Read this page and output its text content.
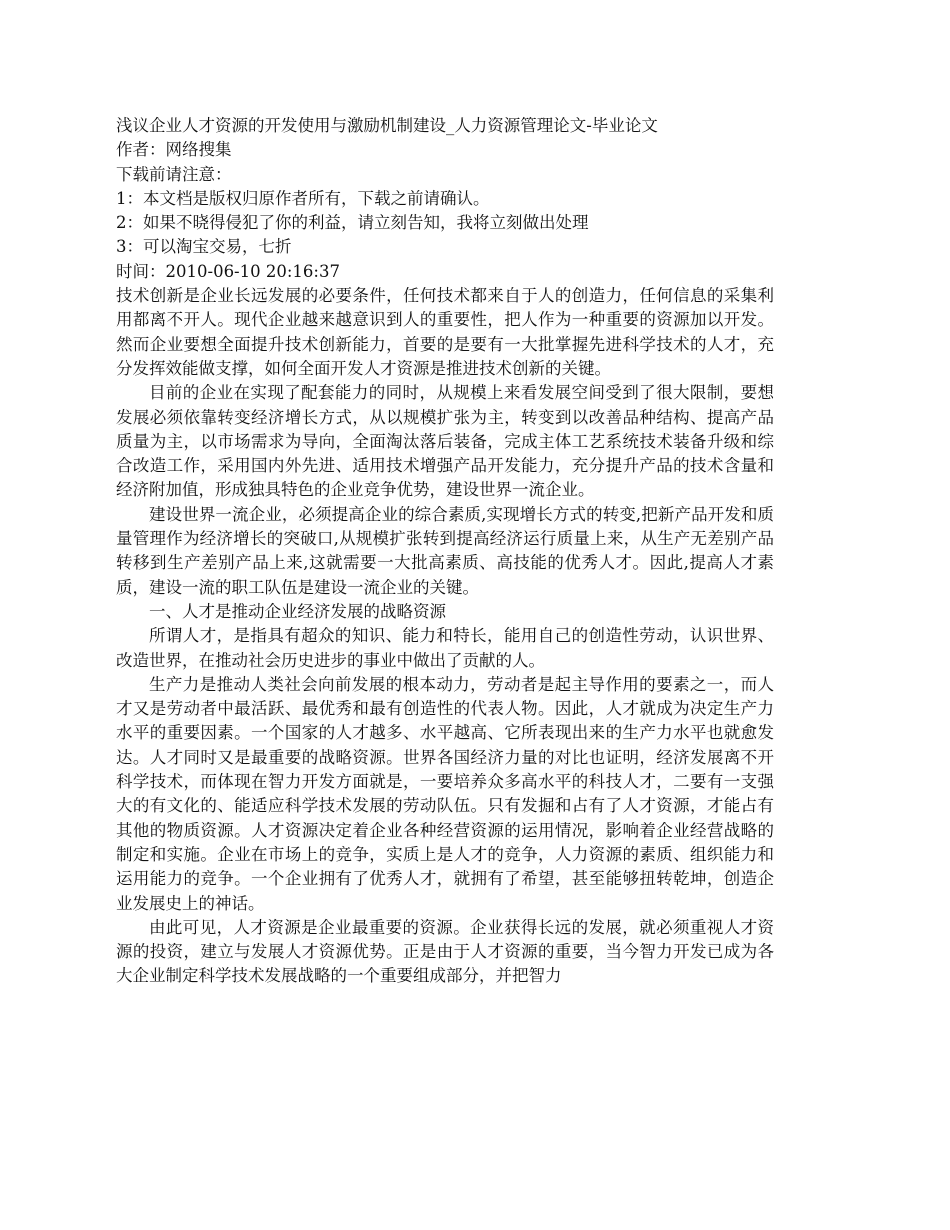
浅议企业人才资源的开发使用与激励机制建设_人力资源管理论文-毕业论文
作者：网络搜集
下载前请注意：
1：本文档是版权归原作者所有，下载之前请确认。
2：如果不晓得侵犯了你的利益，请立刻告知，我将立刻做出处理
3：可以淘宝交易，七折
时间：2010-06-10 20:16:37

技术创新是企业长远发展的必要条件，任何技术都来自于人的创造力，任何信息的采集利用都离不开人。现代企业越来越意识到人的重要性，把人作为一种重要的资源加以开发。然而企业要想全面提升技术创新能力，首要的是要有一大批掌握先进科学技术的人才，充分发挥效能做支撑，如何全面开发人才资源是推进技术创新的关键。

目前的企业在实现了配套能力的同时，从规模上来看发展空间受到了很大限制，要想发展必须依靠转变经济增长方式，从以规模扩张为主，转变到以改善品种结构、提高产品质量为主，以市场需求为导向，全面淘汰落后装备，完成主体工艺系统技术装备升级和综合改造工作，采用国内外先进、适用技术增强产品开发能力，充分提升产品的技术含量和经济附加值，形成独具特色的企业竞争优势，建设世界一流企业。

建设世界一流企业，必须提高企业的综合素质,实现增长方式的转变,把新产品开发和质量管理作为经济增长的突破口,从规模扩张转到提高经济运行质量上来，从生产无差别产品转移到生产差别产品上来,这就需要一大批高素质、高技能的优秀人才。因此,提高人才素质，建设一流的职工队伍是建设一流企业的关键。

一、人才是推动企业经济发展的战略资源

所谓人才，是指具有超众的知识、能力和特长，能用自己的创造性劳动，认识世界、改造世界，在推动社会历史进步的事业中做出了贡献的人。

生产力是推动人类社会向前发展的根本动力，劳动者是起主导作用的要素之一，而人才又是劳动者中最活跃、最优秀和最有创造性的代表人物。因此，人才就成为决定生产力水平的重要因素。一个国家的人才越多、水平越高、它所表现出来的生产力水平也就愈发达。人才同时又是最重要的战略资源。世界各国经济力量的对比也证明，经济发展离不开科学技术，而体现在智力开发方面就是，一要培养众多高水平的科技人才，二要有一支强大的有文化的、能适应科学技术发展的劳动队伍。只有发掘和占有了人才资源，才能占有其他的物质资源。人才资源决定着企业各种经营资源的运用情况，影响着企业经营战略的制定和实施。企业在市场上的竞争，实质上是人才的竞争，人力资源的素质、组织能力和运用能力的竞争。一个企业拥有了优秀人才，就拥有了希望，甚至能够扭转乾坤，创造企业发展史上的神话。

由此可见，人才资源是企业最重要的资源。企业获得长远的发展，就必须重视人才资源的投资，建立与发展人才资源优势。正是由于人才资源的重要，当今智力开发已成为各大企业制定科学技术发展战略的一个重要组成部分，并把智力
